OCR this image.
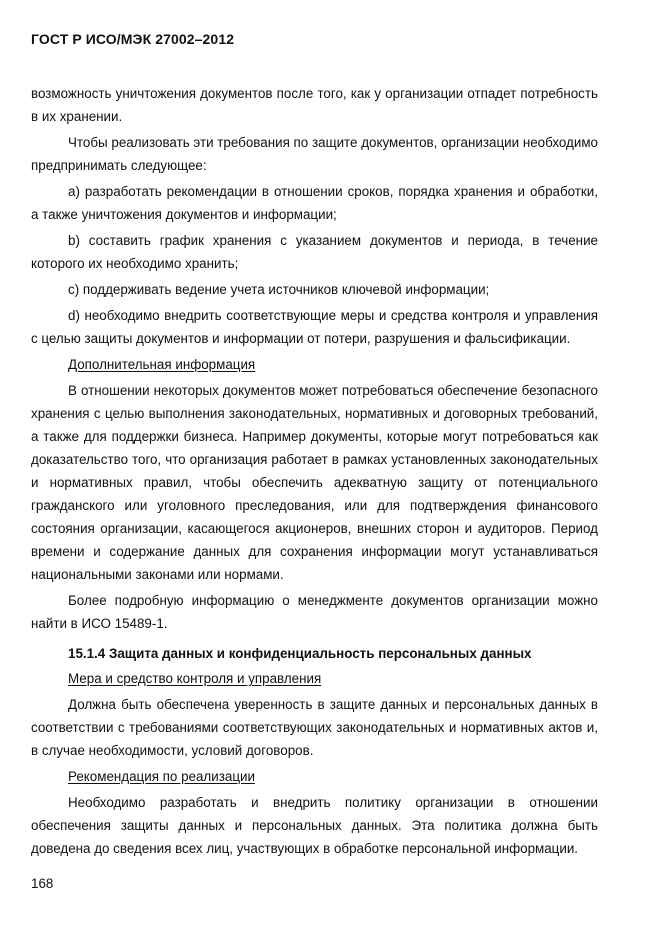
ГОСТ Р ИСО/МЭК 27002–2012

возможность уничтожения документов после того, как у организации отпадет потребность в их хранении.

Чтобы реализовать эти требования по защите документов, организации необходимо предпринимать следующее:

a) разработать рекомендации в отношении сроков, порядка хранения и обработки, а также уничтожения документов и информации;

b) составить график хранения с указанием документов и периода, в течение которого их необходимо хранить;

c) поддерживать ведение учета источников ключевой информации;

d) необходимо внедрить соответствующие меры и средства контроля и управления с целью защиты документов и информации от потери, разрушения и фальсификации.

Дополнительная информация

В отношении некоторых документов может потребоваться обеспечение безопасного хранения с целью выполнения законодательных, нормативных и договорных требований, а также для поддержки бизнеса. Например документы, которые могут потребоваться как доказательство того, что организация работает в рамках установленных законодательных и нормативных правил, чтобы обеспечить адекватную защиту от потенциального гражданского или уголовного преследования, или для подтверждения финансового состояния организации, касающегося акционеров, внешних сторон и аудиторов. Период времени и содержание данных для сохранения информации могут устанавливаться национальными законами или нормами.

Более подробную информацию о менеджменте документов организации можно найти в ИСО 15489-1.

15.1.4 Защита данных и конфиденциальность персональных данных

Мера и средство контроля и управления

Должна быть обеспечена уверенность в защите данных и персональных данных в соответствии с требованиями соответствующих законодательных и нормативных актов и, в случае необходимости, условий договоров.

Рекомендация по реализации

Необходимо разработать и внедрить политику организации в отношении обеспечения защиты данных и персональных данных. Эта политика должна быть доведена до сведения всех лиц, участвующих в обработке персональной информации.

168
